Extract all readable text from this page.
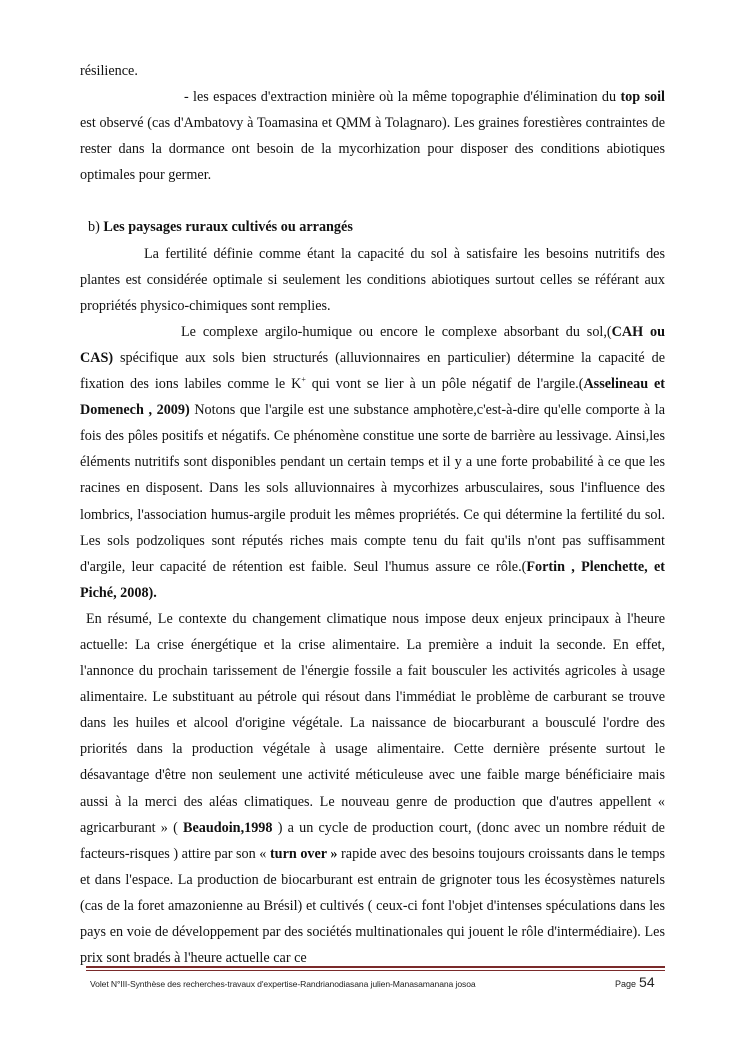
résilience.

- les espaces d'extraction minière où la même topographie d'élimination du top soil est observé (cas d'Ambatovy à Toamasina et QMM à Tolagnaro). Les graines forestières contraintes de rester dans la dormance ont besoin de la mycorhization pour disposer des conditions abiotiques optimales pour germer.

b) Les paysages ruraux cultivés ou arrangés

La fertilité définie comme étant la capacité du sol à satisfaire les besoins nutritifs des plantes est considérée optimale si seulement les conditions abiotiques surtout celles se référant aux propriétés physico-chimiques sont remplies.

Le complexe argilo-humique ou encore le complexe absorbant du sol,(CAH ou CAS) spécifique aux sols bien structurés (alluvionnaires en particulier) détermine la capacité de fixation des ions labiles comme le K+ qui vont se lier à un pôle négatif de l'argile.(Asselineau et Domenech , 2009) Notons que l'argile est une substance amphotère,c'est-à-dire qu'elle comporte à la fois des pôles positifs et négatifs. Ce phénomène constitue une sorte de barrière au lessivage. Ainsi,les éléments nutritifs sont disponibles pendant un certain temps et il y a une forte probabilité à ce que les racines en disposent. Dans les sols alluvionnaires à mycorhizes arbusculaires, sous l'influence des lombrics, l'association humus-argile produit les mêmes propriétés. Ce qui détermine la fertilité du sol. Les sols podzoliques sont réputés riches mais compte tenu du fait qu'ils n'ont pas suffisamment d'argile, leur capacité de rétention est faible. Seul l'humus assure ce rôle.(Fortin , Plenchette, et Piché, 2008).

En résumé, Le contexte du changement climatique nous impose deux enjeux principaux à l'heure actuelle: La crise énergétique et la crise alimentaire. La première a induit la seconde. En effet, l'annonce du prochain tarissement de l'énergie fossile a fait bousculer les activités agricoles à usage alimentaire. Le substituant au pétrole qui résout dans l'immédiat le problème de carburant se trouve dans les huiles et alcool d'origine végétale. La naissance de biocarburant a bousculé l'ordre des priorités dans la production végétale à usage alimentaire. Cette dernière présente surtout le désavantage d'être non seulement une activité méticuleuse avec une faible marge bénéficiaire mais aussi à la merci des aléas climatiques. Le nouveau genre de production que d'autres appellent « agricarburant » ( Beaudoin,1998 ) a un cycle de production court, (donc avec un nombre réduit de facteurs-risques ) attire par son « turn over » rapide avec des besoins toujours croissants dans le temps et dans l'espace. La production de biocarburant est entrain de grignoter tous les écosystèmes naturels (cas de la foret amazonienne au Brésil) et cultivés ( ceux-ci font l'objet d'intenses spéculations dans les pays en voie de développement par des sociétés multinationales qui jouent le rôle d'intermédiaire). Les prix sont bradés à l'heure actuelle car ce

Volet N°III-Synthèse des recherches-travaux d'expertise-Randrianodiasana julien-Manasamanana josoa	Page 54
